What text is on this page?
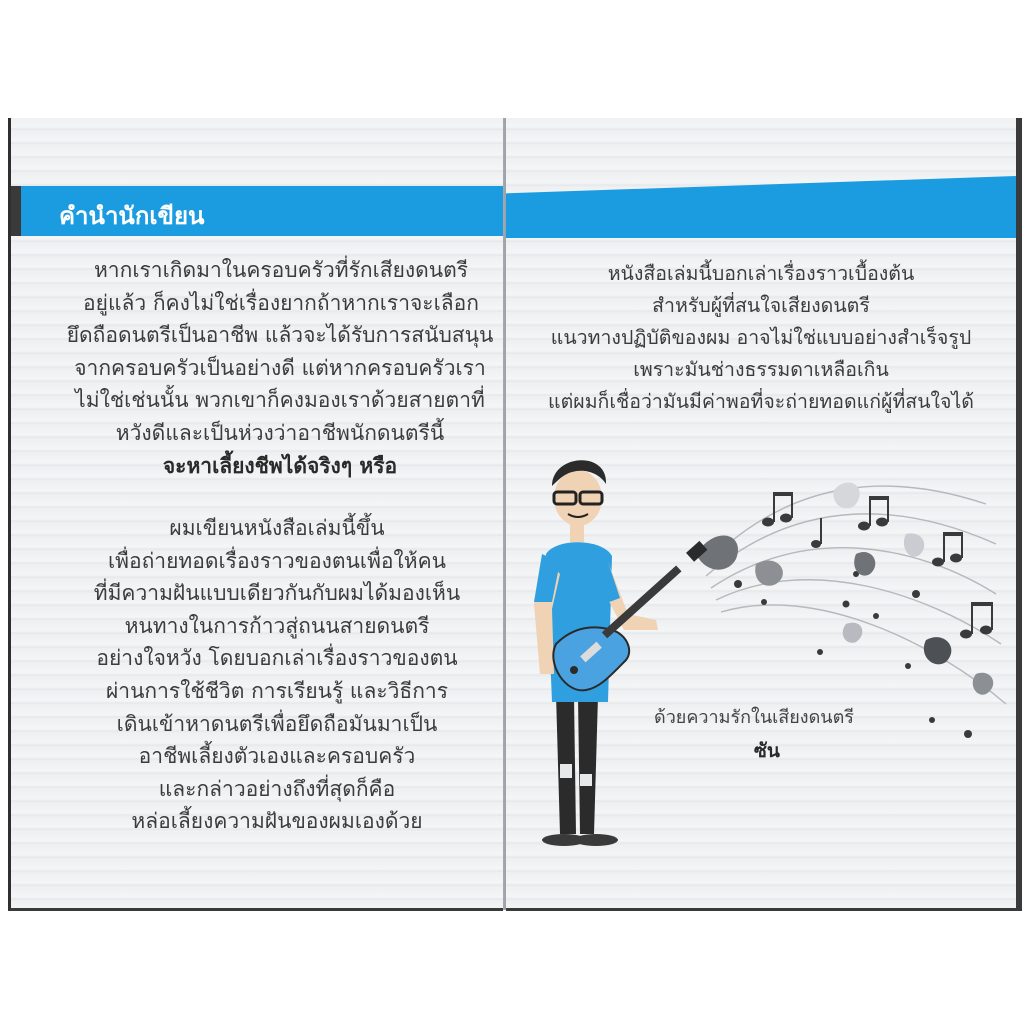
คำนำนักเขียน
หากเราเกิดมาในครอบครัวที่รักเสียงดนตรี
อยู่แล้ว ก็คงไม่ใช่เรื่องยากถ้าหากเราจะเลือก
ยึดถือดนตรีเป็นอาชีพ แล้วจะได้รับการสนับสนุน
จากครอบครัวเป็นอย่างดี แต่หากครอบครัวเรา
ไม่ใช่เช่นนั้น พวกเขาก็คงมองเราด้วยสายตาที่
หวังดีและเป็นห่วงว่าอาชีพนักดนตรีนี้
จะหาเลี้ยงชีพได้จริงๆ หรือ
ผมเขียนหนังสือเล่มนี้ขึ้น
เพื่อถ่ายทอดเรื่องราวของตนเพื่อให้คน
ที่มีความฝันแบบเดียวกันกับผมได้มองเห็น
หนทางในการก้าวสู่ถนนสายดนตรี
อย่างใจหวัง โดยบอกเล่าเรื่องราวของตน
ผ่านการใช้ชีวิต การเรียนรู้ และวิธีการ
เดินเข้าหาดนตรีเพื่อยึดถือมันมาเป็น
อาชีพเลี้ยงตัวเองและครอบครัว
และกล่าวอย่างถึงที่สุดก็คือ
หล่อเลี้ยงความฝันของผมเองด้วย
หนังสือเล่มนี้บอกเล่าเรื่องราวเบื้องต้น
สำหรับผู้ที่สนใจเสียงดนตรี
แนวทางปฏิบัติของผม อาจไม่ใช่แบบอย่างสำเร็จรูป
เพราะมันช่างธรรมดาเหลือเกิน
แต่ผมก็เชื่อว่ามันมีค่าพอที่จะถ่ายทอดแก่ผู้ที่สนใจได้
ด้วยความรักในเสียงดนตรี
ซัน
